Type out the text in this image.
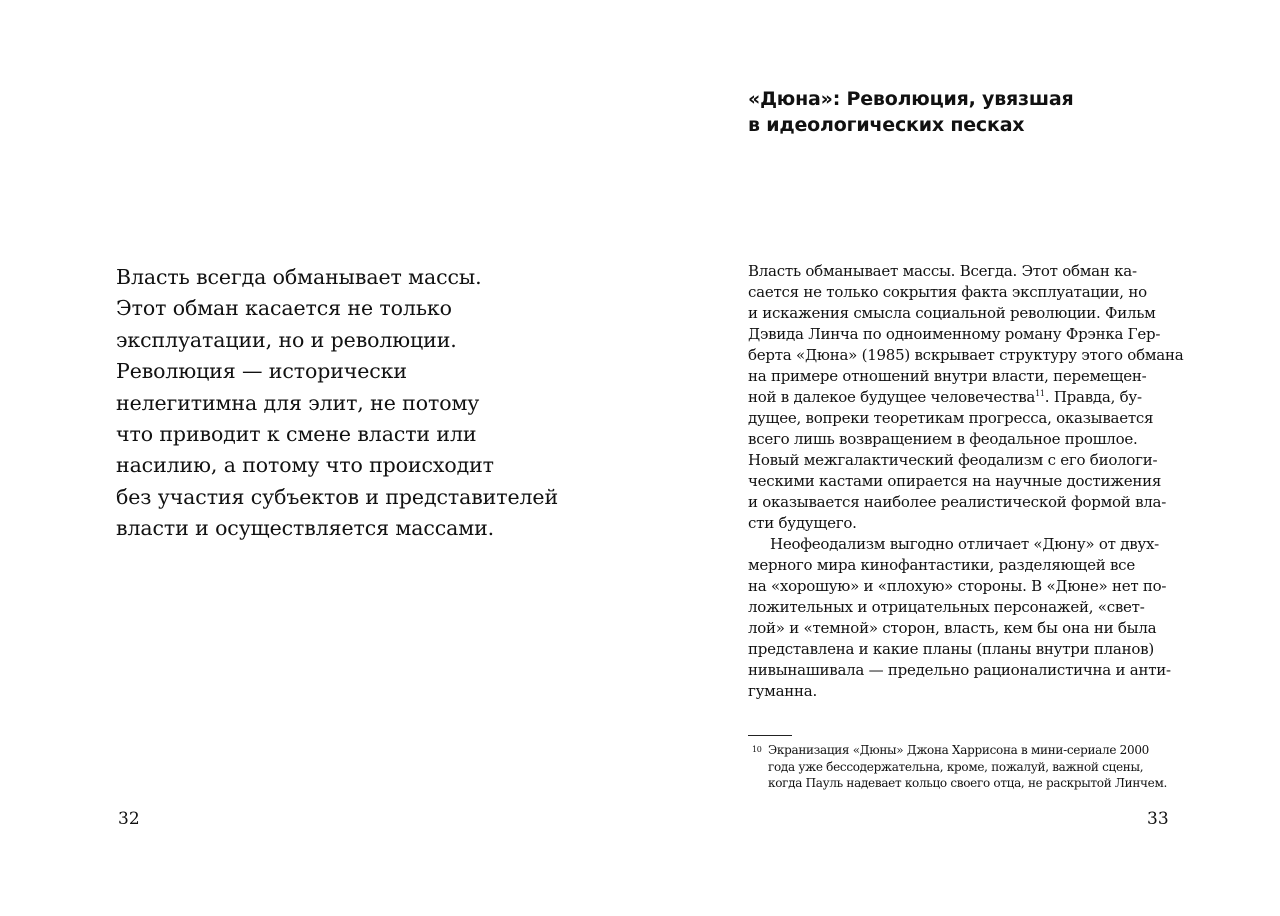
Власть всегда обманывает массы.
Этот обман касается не только
эксплуатации, но и революции.
Революция — исторически
нелегитимна для элит, не потому
что приводит к смене власти или
насилию, а потому что происходит
без участия субъектов и представителей
власти и осуществляется массами.

32
«Дюна»: Революция, увязшая
в идеологических песках
Власть обманывает массы. Всегда. Этот обман ка-
сается не только сокрытия факта эксплуатации, но
и искажения смысла социальной революции. Фильм
Дэвида Линча по одноименному роману Фрэнка Гер-
берта «Дюна» (1985) вскрывает структуру этого обмана
на примере отношений внутри власти, перемещен-
ной в далекое будущее человечества$^{11}$. Правда, бу-
дущее, вопреки теоретикам прогресса, оказывается
всего лишь возвращением в феодальное прошлое.
Новый межгалактический феодализм с его биологи-
ческими кастами опирается на научные достижения
и оказывается наиболее реалистической формой вла-
сти будущего.
Неофеодализм выгодно отличает «Дюну» от двух-
мерного мира кинофантастики, разделяющей все
на «хорошую» и «плохую» стороны. В «Дюне» нет по-
ложительных и отрицательных персонажей, «свет-
лой» и «темной» сторон, власть, кем бы она ни была
представлена и какие планы (планы внутри планов)
нивынашивала — предельно рационалистична и анти-
гуманна.
10 Экранизация «Дюны» Джона Харрисона в мини-сериале 2000
года уже бессодержательна, кроме, пожалуй, важной сцены,
когда Пауль надевает кольцо своего отца, не раскрытой Линчем.
33
